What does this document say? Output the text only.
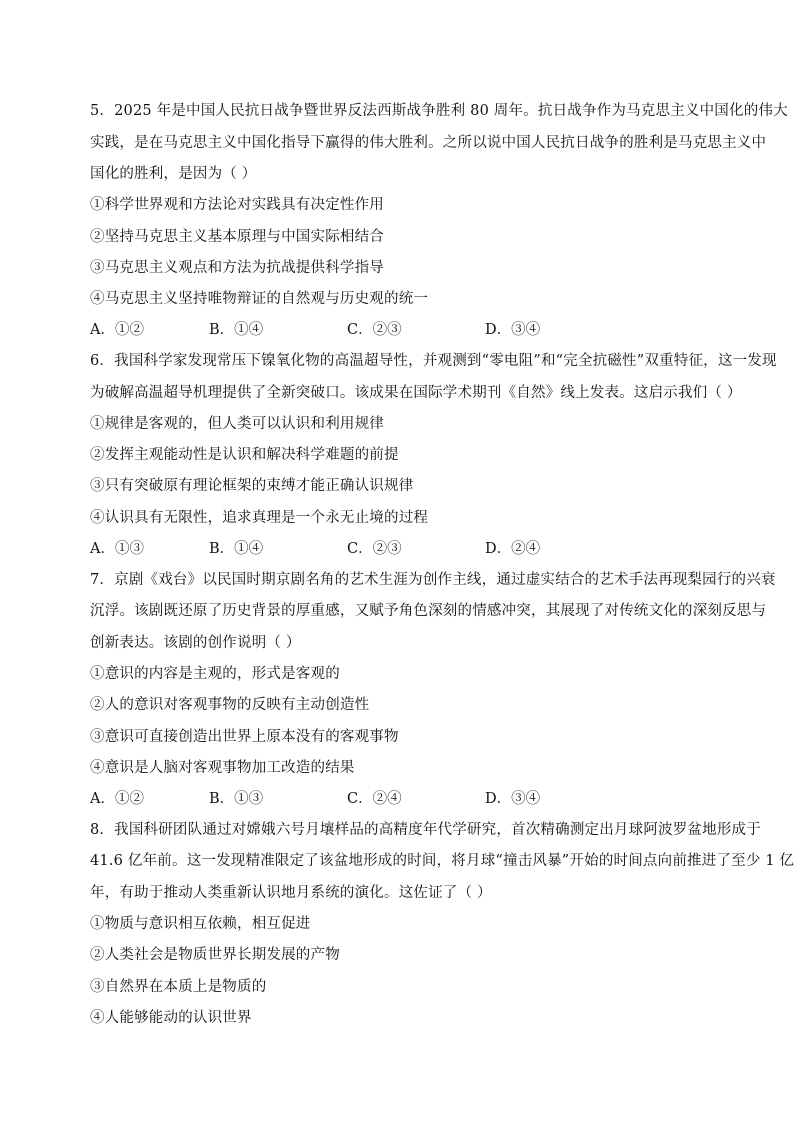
5．2025 年是中国人民抗日战争暨世界反法西斯战争胜利 80 周年。抗日战争作为马克思主义中国化的伟大
实践，是在马克思主义中国化指导下赢得的伟大胜利。之所以说中国人民抗日战争的胜利是马克思主义中
国化的胜利，是因为（ ）
①科学世界观和方法论对实践具有决定性作用
②坚持马克思主义基本原理与中国实际相结合
③马克思主义观点和方法为抗战提供科学指导
④马克思主义坚持唯物辩证的自然观与历史观的统一
A．①②	B．①④	C．②③	D．③④
6．我国科学家发现常压下镍氧化物的高温超导性，并观测到“零电阻”和“完全抗磁性”双重特征，这一发现
为破解高温超导机理提供了全新突破口。该成果在国际学术期刊《自然》线上发表。这启示我们（ ）
①规律是客观的，但人类可以认识和利用规律
②发挥主观能动性是认识和解决科学难题的前提
③只有突破原有理论框架的束缚才能正确认识规律
④认识具有无限性，追求真理是一个永无止境的过程
A．①③	B．①④	C．②③	D．②④
7．京剧《戏台》以民国时期京剧名角的艺术生涯为创作主线，通过虚实结合的艺术手法再现梨园行的兴衰
沉浮。该剧既还原了历史背景的厚重感，又赋予角色深刻的情感冲突，其展现了对传统文化的深刻反思与
创新表达。该剧的创作说明（ ）
①意识的内容是主观的，形式是客观的
②人的意识对客观事物的反映有主动创造性
③意识可直接创造出世界上原本没有的客观事物
④意识是人脑对客观事物加工改造的结果
A．①②	B．①③	C．②④	D．③④
8．我国科研团队通过对嫦娥六号月壤样品的高精度年代学研究，首次精确测定出月球阿波罗盆地形成于
41.6 亿年前。这一发现精准限定了该盆地形成的时间，将月球“撞击风暴”开始的时间点向前推进了至少 1 亿
年，有助于推动人类重新认识地月系统的演化。这佐证了（ ）
①物质与意识相互依赖，相互促进
②人类社会是物质世界长期发展的产物
③自然界在本质上是物质的
④人能够能动的认识世界
